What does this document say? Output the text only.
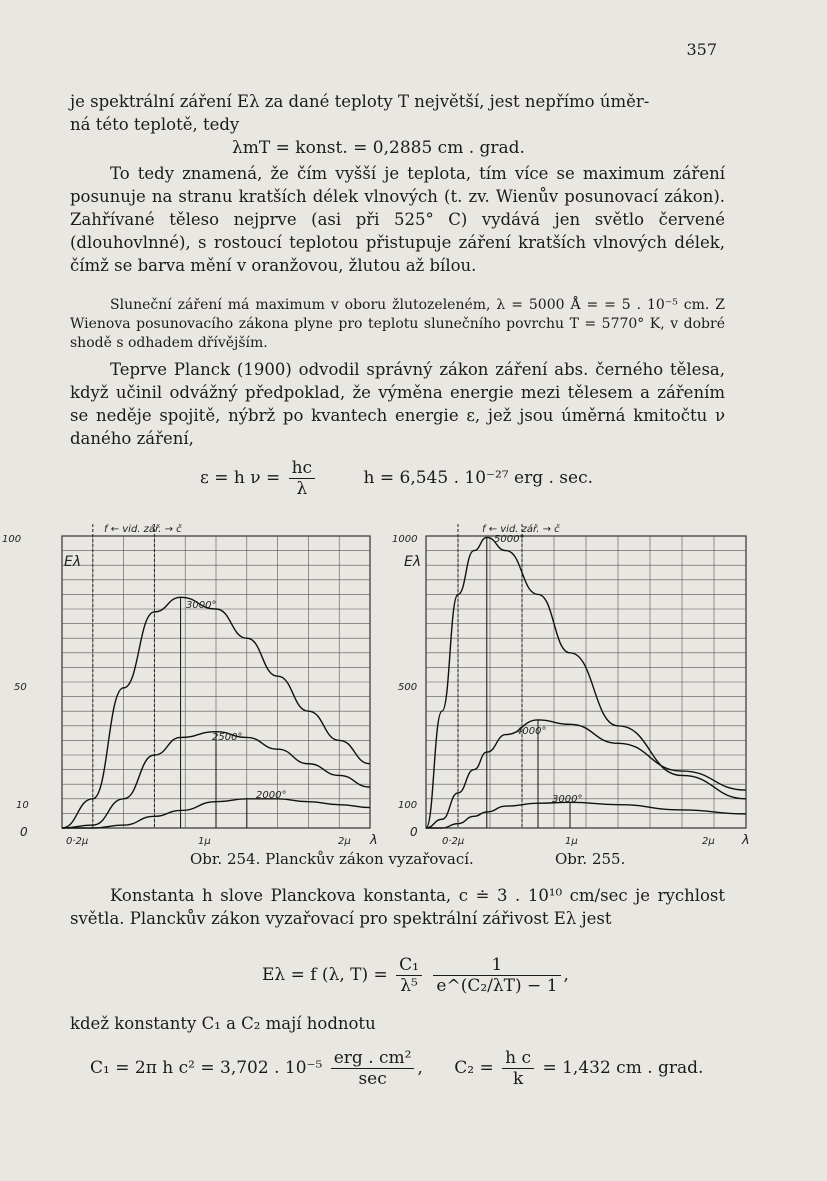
357

je spektrální záření Eλ za dané teploty T největší, jest nepřímo úměr-
ná této teplotě, tedy

λmT = konst. = 0,2885 cm . grad.

To tedy znamená, že čím vyšší je teplota, tím více se maximum záření posunuje na stranu kratších délek vlnových (t. zv. Wienův posunovací zákon). Zahřívané těleso nejprve (asi při 525° C) vydává jen světlo červené (dlouhovlnné), s rostoucí teplotou přistupuje záření kratších vlnových délek, čímž se barva mění v oranžovou, žlutou až bílou.

Sluneční záření má maximum v oboru žlutozeleném, λ = 5000 Å = = 5 . 10⁻⁵ cm. Z Wienova posunovacího zákona plyne pro teplotu slunečního povrchu T = 5770° K, v dobré shodě s odhadem dřívějším.

Teprve Planck (1900) odvodil správný zákon záření abs. černého tělesa, když učinil odvážný předpoklad, že výměna energie mezi tělesem a zářením se neděje spojitě, nýbrž po kvantech energie ε, jež jsou úměrná kmitočtu ν daného záření,

ε = h $\nu = \frac{hc}{\lambda}$	h = 6,545 . 10⁻²⁷ erg . sec.
f ← vid. zář. → č
Eλ
100
50
10
0
0·2μ	1μ	2μ λ
3000°
2500°
2000°
f ← vid. zář. → č
Eλ
1000
500
100
0
0·2μ	1μ	2μ λ
5000°
4000°
3000°
Obr. 254. Planckův zákon vyzařovací.	Obr. 255.

Konstanta h slove Planckova konstanta, c ≐ 3 . 10¹⁰ cm/sec je rychlost světla. Planckův zákon vyzařovací pro spektrální zářivost Eλ jest

Eλ = f (λ, $T) = \frac{\text{C₁}}{\text{λ⁵}}$
$\frac{1}{\text{e\textasciicircum{}(C₂/λT) − 1}}$ ,

kdež konstanty C₁ a C₂ mají hodnotu

C₁ = 2π h c² = 3,702 . $10^{-5} \frac{\text{erg . cm²}}{\sec}$ , $C_2 = \frac{\text{h c}}{k} = 1,432$ cm . grad.
